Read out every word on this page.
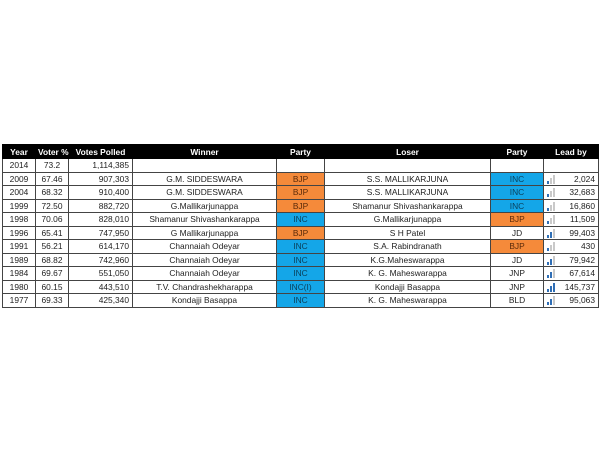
Year	Voter %	Votes Polled	Winner	Party	Loser	Party	Lead by
2014	73.2	1,114,385					
2009	67.46	907,303	G.M. SIDDESWARA	BJP	S.S. MALLIKARJUNA	INC	2,024
2004	68.32	910,400	G.M. SIDDESWARA	BJP	S.S. MALLIKARJUNA	INC	32,683
1999	72.50	882,720	G.Mallikarjunappa	BJP	Shamanur Shivashankarappa	INC	16,860
1998	70.06	828,010	Shamanur Shivashankarappa	INC	G.Mallikarjunappa	BJP	11,509
1996	65.41	747,950	G Mallikarjunappa	BJP	S H Patel	JD	99,403
1991	56.21	614,170	Channaiah Odeyar	INC	S.A. Rabindranath	BJP	430
1989	68.82	742,960	Channaiah Odeyar	INC	K.G.Maheswarappa	JD	79,942
1984	69.67	551,050	Channaiah Odeyar	INC	K. G. Maheswarappa	JNP	67,614
1980	60.15	443,510	T.V. Chandrashekharappa	INC(I)	Kondajji Basappa	JNP	145,737
1977	69.33	425,340	Kondajji Basappa	INC	K. G. Maheswarappa	BLD	95,063
